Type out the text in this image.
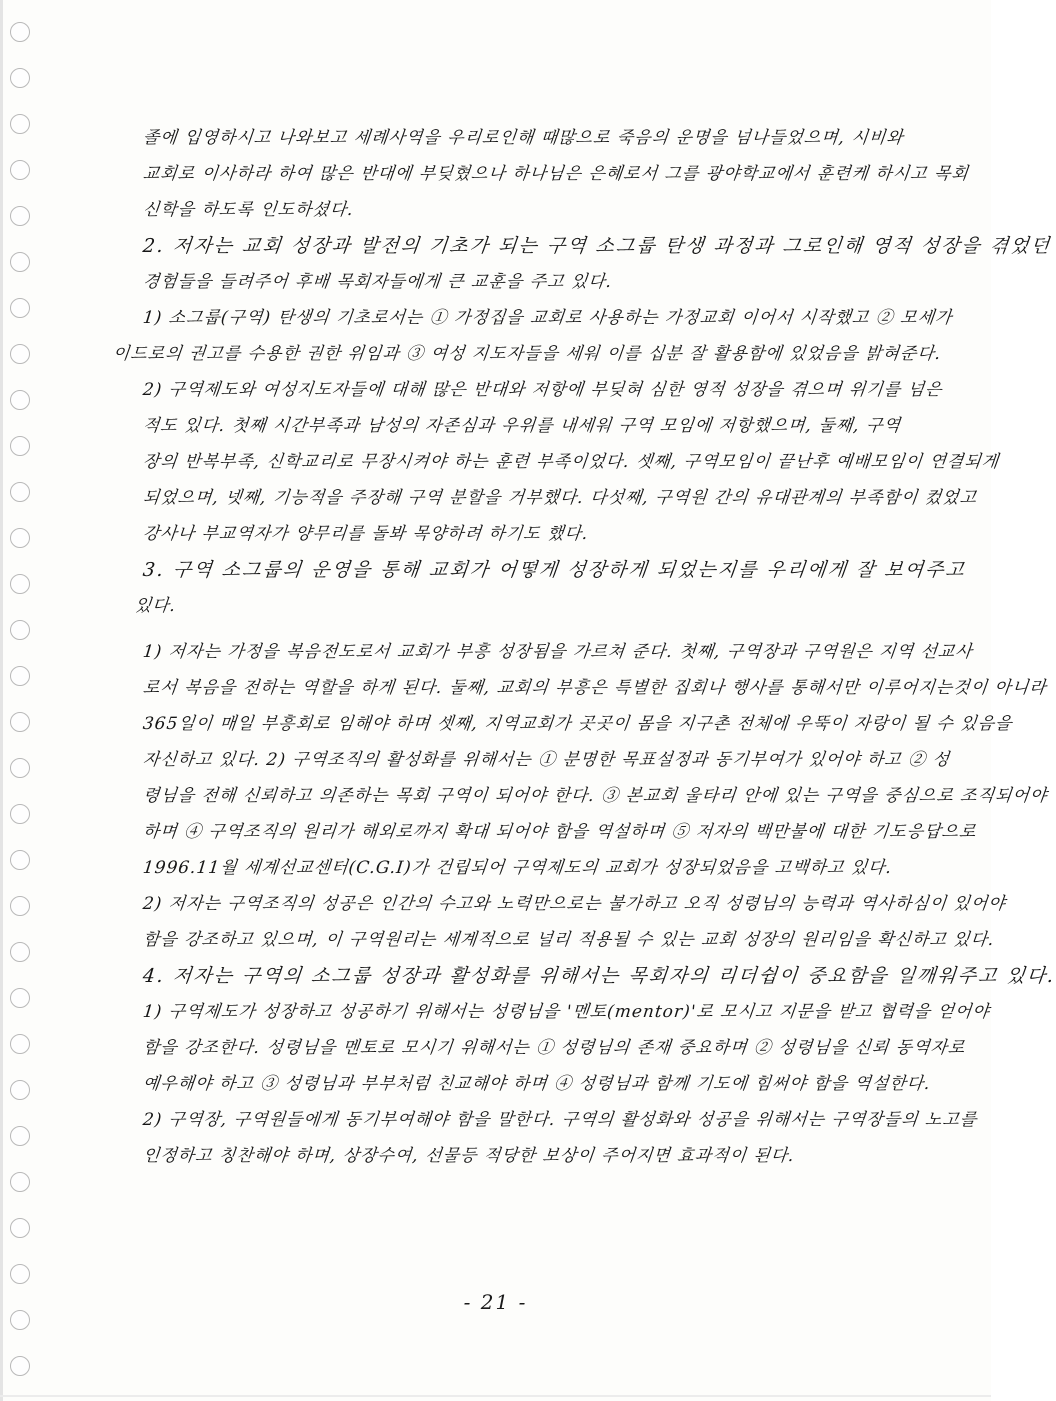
졸에 입영하시고 나와보고 세례사역을 우리로인해 때많으로 죽음의 운명을 넘나들었으며, 시비와
교회로 이사하라 하여 많은 반대에 부딪혔으나 하나님은 은혜로서 그를 광야학교에서 훈련케 하시고 목회
신학을 하도록 인도하셨다.
2. 저자는 교회 성장과 발전의 기초가 되는 구역 소그룹 탄생 과정과 그로인해 영적 성장을 겪었던
경험들을 들려주어 후배 목회자들에게 큰 교훈을 주고 있다.
1) 소그룹(구역) 탄생의 기초로서는 ① 가정집을 교회로 사용하는 가정교회 이어서 시작했고 ② 모세가
이드로의 권고를 수용한 권한 위임과 ③ 여성 지도자들을 세워 이를 십분 잘 활용함에 있었음을 밝혀준다.
2) 구역제도와 여성지도자들에 대해 많은 반대와 저항에 부딪혀 심한 영적 성장을 겪으며 위기를 넘은
적도 있다. 첫째 시간부족과 남성의 자존심과 우위를 내세워 구역 모임에 저항했으며, 둘째, 구역
장의 반복부족, 신학교리로 무장시켜야 하는 훈련 부족이었다. 셋째, 구역모임이 끝난후 예배모임이 연결되게
되었으며, 넷째, 기능적을 주장해 구역 분할을 거부했다. 다섯째, 구역원 간의 유대관계의 부족함이 컸었고
강사나 부교역자가 양무리를 돌봐 목양하려 하기도 했다.
3. 구역 소그룹의 운영을 통해 교회가 어떻게 성장하게 되었는지를 우리에게 잘 보여주고
있다.
1) 저자는 가정을 복음전도로서 교회가 부흥 성장됨을 가르쳐 준다. 첫째, 구역장과 구역원은 지역 선교사
로서 복음을 전하는 역할을 하게 된다. 둘째, 교회의 부흥은 특별한 집회나 행사를 통해서만 이루어지는것이 아니라
365일이 매일 부흥회로 임해야 하며 셋째, 지역교회가 곳곳이 몸을 지구촌 전체에 우뚝이 자랑이 될 수 있음을
자신하고 있다. 2) 구역조직의 활성화를 위해서는 ① 분명한 목표설정과 동기부여가 있어야 하고 ② 성
령님을 전해 신뢰하고 의존하는 목회 구역이 되어야 한다. ③ 본교회 울타리 안에 있는 구역을 중심으로 조직되어야
하며 ④ 구역조직의 원리가 해외로까지 확대 되어야 함을 역설하며 ⑤ 저자의 백만불에 대한 기도응답으로
1996.11월 세계선교센터(C.G.I)가 건립되어 구역제도의 교회가 성장되었음을 고백하고 있다.
2) 저자는 구역조직의 성공은 인간의 수고와 노력만으로는 불가하고 오직 성령님의 능력과 역사하심이 있어야
함을 강조하고 있으며, 이 구역원리는 세계적으로 널리 적용될 수 있는 교회 성장의 원리임을 확신하고 있다.
4. 저자는 구역의 소그룹 성장과 활성화를 위해서는 목회자의 리더쉽이 중요함을 일깨워주고 있다.
1) 구역제도가 성장하고 성공하기 위해서는 성령님을 '멘토(mentor)'로 모시고 지문을 받고 협력을 얻어야
함을 강조한다. 성령님을 멘토로 모시기 위해서는 ① 성령님의 존재 중요하며 ② 성령님을 신뢰 동역자로
예우해야 하고 ③ 성령님과 부부처럼 친교해야 하며 ④ 성령님과 함께 기도에 힘써야 함을 역설한다.
2) 구역장, 구역원들에게 동기부여해야 함을 말한다. 구역의 활성화와 성공을 위해서는 구역장들의 노고를
인정하고 칭찬해야 하며, 상장수여, 선물등 적당한 보상이 주어지면 효과적이 된다.
- 21 -
